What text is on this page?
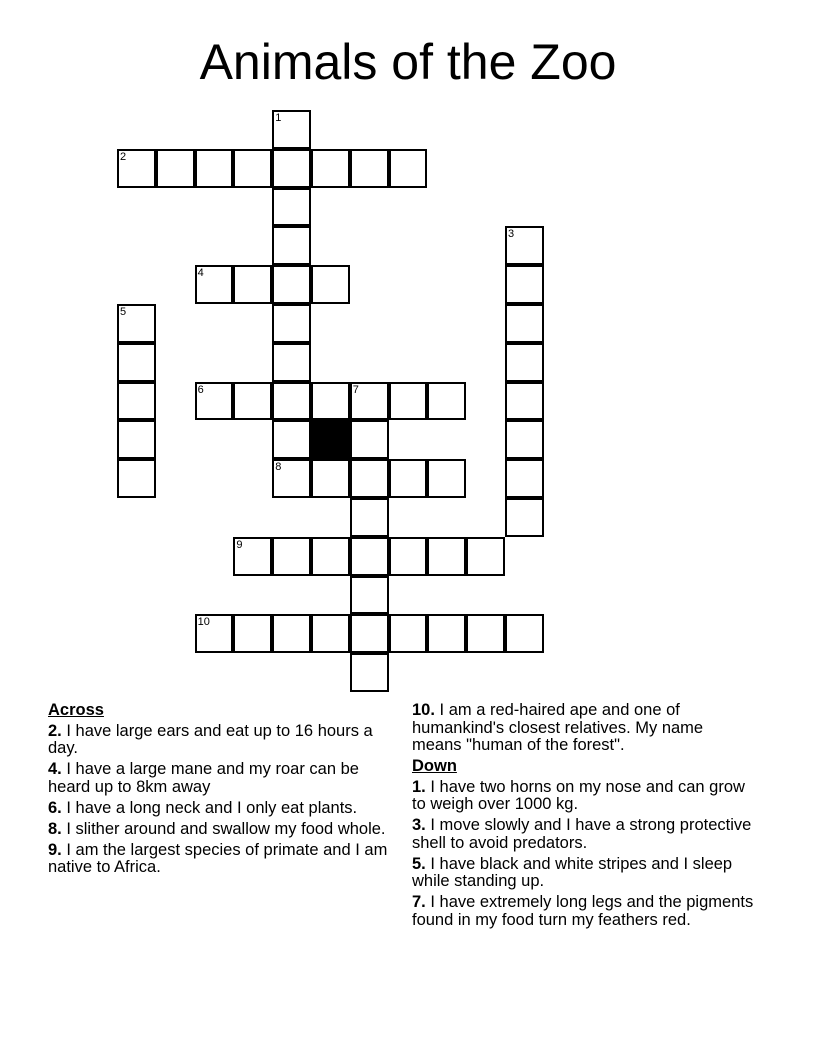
Animals of the Zoo
1
2
3
4
5
6	7
8
9
10
Across
2. I have large ears and eat up to 16 hours a day.
4. I have a large mane and my roar can be heard up to 8km away
6. I have a long neck and I only eat plants.
8. I slither around and swallow my food whole.
9. I am the largest species of primate and I am native to Africa.
10. I am a red-haired ape and one of humankind's closest relatives. My name means "human of the forest".
Down
1. I have two horns on my nose and can grow to weigh over 1000 kg.
3. I move slowly and I have a strong protective shell to avoid predators.
5. I have black and white stripes and I sleep while standing up.
7. I have extremely long legs and the pigments found in my food turn my feathers red.
